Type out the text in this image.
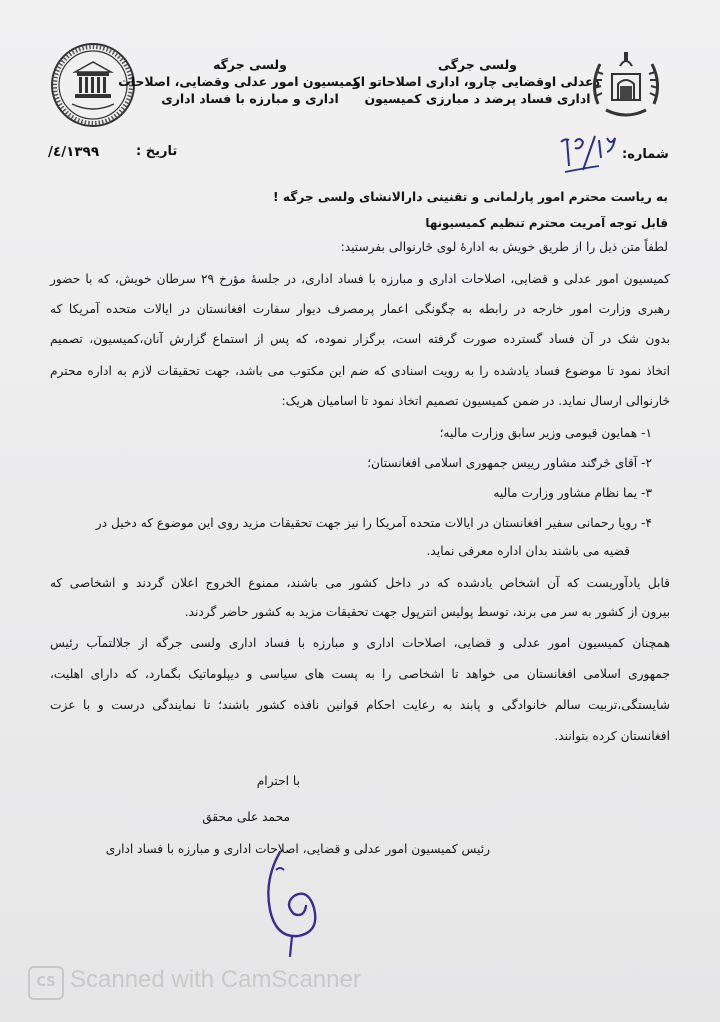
ولسی جرگه
کمیسیون امور عدلی وقضایی، اصلاحات
اداری و مبارزه با فساد اداری
ولسی جرگی
دعدلی اوقضایی چارو، اداری اصلاحاتو او
اداری فساد پرضد د مبارزی کمیسیون
تاریخ :
۱۳۹۹/٤/	شماره:
به ریاست محترم امور پارلمانی و تقنینی دارالانشای ولسی جرگه !
قابل توجه آمریت محترم تنظیم کمیسیونها
لطفاً متن ذیل را از طریق خویش به ادارهٔ لوی څارنوالی بفرستید:
کمیسیون امور عدلی و قضایی، اصلاحات اداری و مبارزه با فساد اداری، در جلسهٔ مؤرخ ۲۹ سرطان خویش، که با حضور
رهبری وزارت امور خارجه در رابطه به چگونگی اعمار پرمصرف دیوار سفارت افغانستان در ایالات متحده آمریکا که
بدون شک در آن فساد گسترده صورت گرفته است، برگزار نموده، که پس از استماع گزارش آنان،کمیسیون، تصمیم
اتخاذ نمود تا موضوع فساد یادشده را به رویت اسنادی که ضم این مکتوب می باشد، جهت تحقیقات لازم به اداره محترم
څارنوالی ارسال نماید. در ضمن کمیسیون تصمیم اتخاذ نمود تا اسامیان هریک:
۱- همایون قیومی وزیر سابق وزارت مالیه؛
۲- آقای څرګند مشاور رییس جمهوری اسلامی افغانستان؛
۳- یما نظام مشاور وزارت مالیه
۴- رویا رحمانی سفیر افغانستان در ایالات متحده آمریکا را نیز جهت تحقیقات مزید روی این موضوع که دخیل در
قضیه می باشند بدان اداره معرفی نماید.
قابل یادآوریست که آن اشخاص یادشده که در داخل کشور می باشند، ممنوع الخروج اعلان گردند و اشخاصی که
بیرون از کشور به سر می برند، توسط پولیس انترپول جهت تحقیقات مزید به کشور حاضر گردند.
همچنان کمیسیون امور عدلی و قضایی، اصلاحات اداری و مبارزه با فساد اداری ولسی جرگه از جلالتمآب رئیس
جمهوری اسلامی افغانستان می خواهد تا اشخاصی را به پست های سیاسی و دیپلوماتیک بگمارد، که دارای اهلیت،
شایستگی،تربیت سالم خانوادگی و پابند به رعایت احکام قوانین نافذه کشور باشند؛ تا نمایندگی درست و با عزت
افغانستان کرده بتوانند.
با احترام
محمد علی محقق
رئیس کمیسیون امور عدلی و قضایی، اصلاحات اداری و مبارزه با فساد اداری
CS Scanned with CamScanner
